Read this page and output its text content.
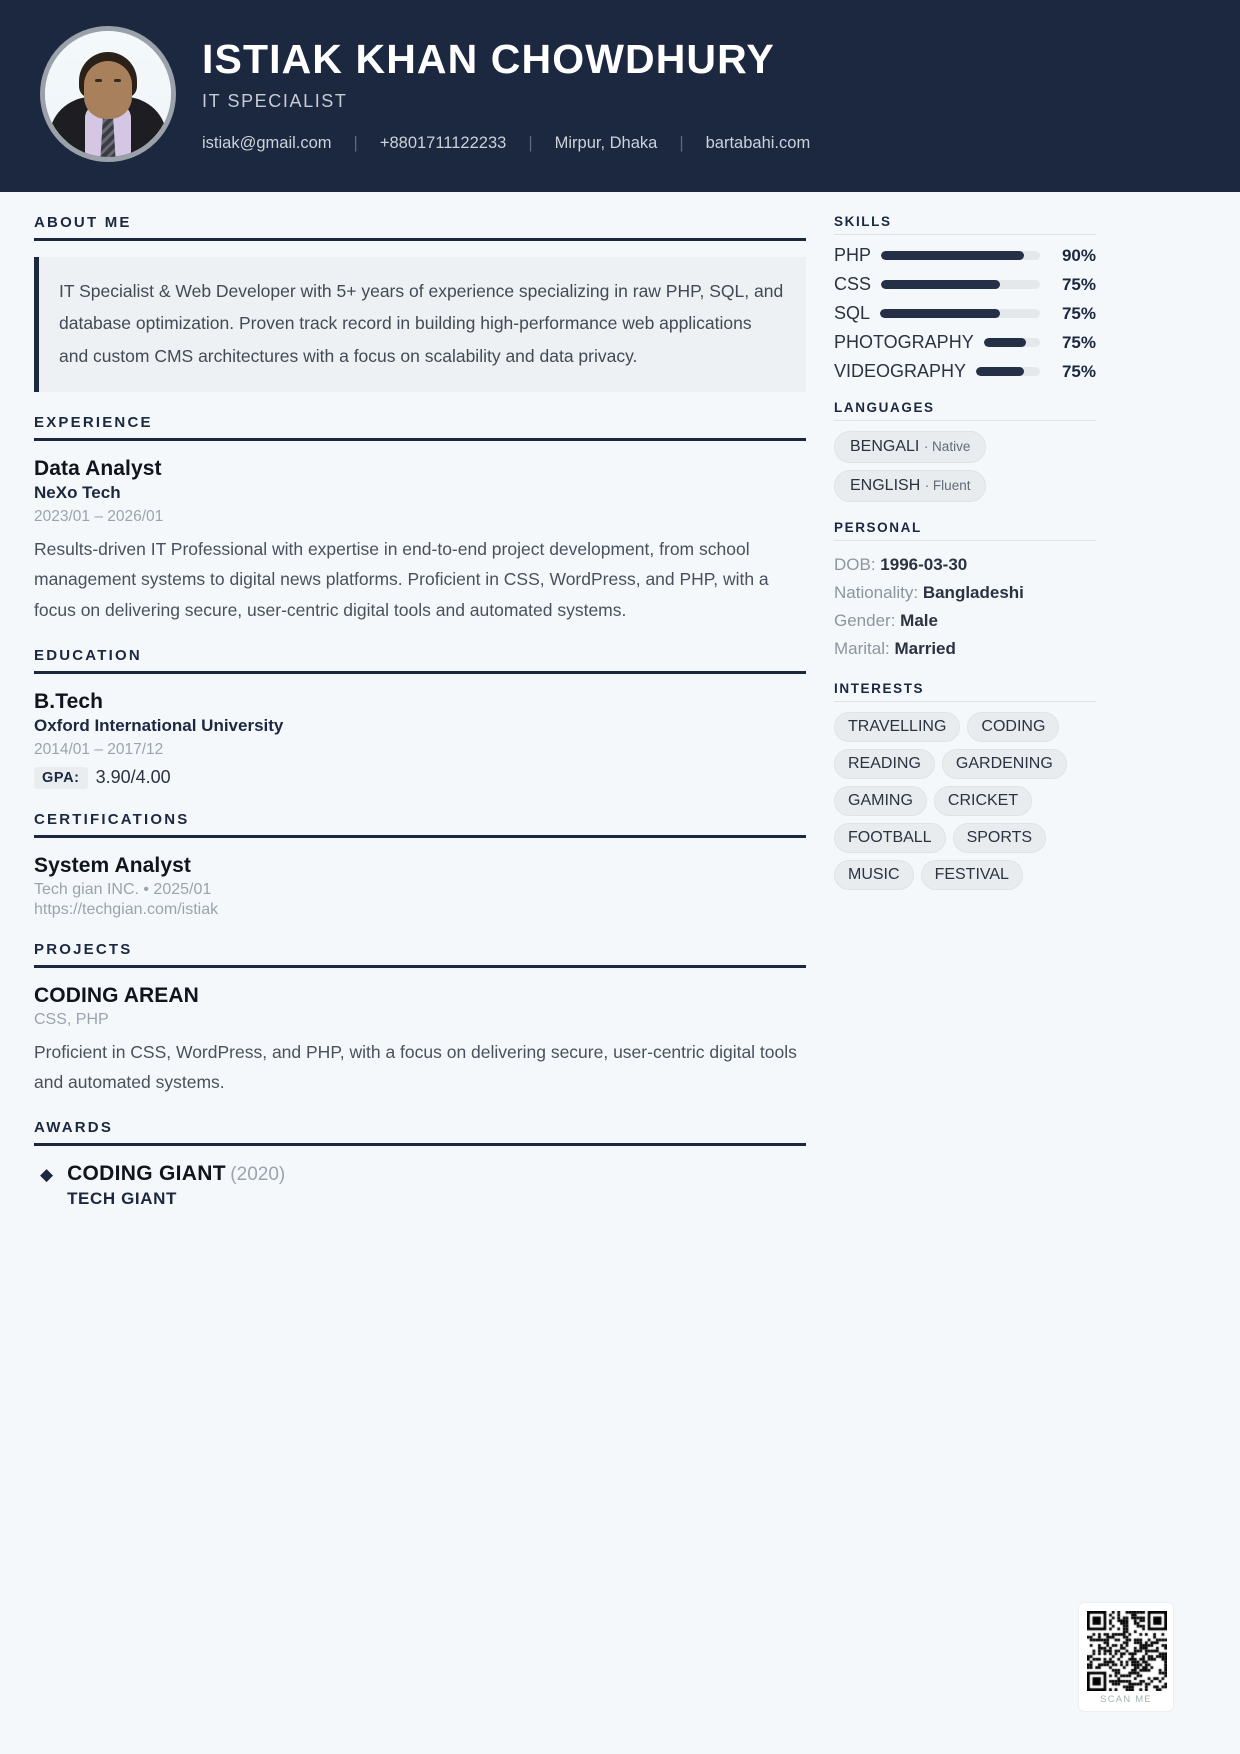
ISTIAK KHAN CHOWDHURY
IT SPECIALIST
istiak@gmail.com	|	+8801711122233	|	Mirpur, Dhaka	|	bartabahi.com
ABOUT ME
IT Specialist & Web Developer with 5+ years of experience specializing in raw PHP, SQL, and database optimization. Proven track record in building high-performance web applications and custom CMS architectures with a focus on scalability and data privacy.
EXPERIENCE
Data Analyst
NeXo Tech
2023/01 – 2026/01
Results-driven IT Professional with expertise in end-to-end project development, from school management systems to digital news platforms. Proficient in CSS, WordPress, and PHP, with a focus on delivering secure, user-centric digital tools and automated systems.
EDUCATION
B.Tech
Oxford International University
2014/01 – 2017/12
GPA: 3.90/4.00
CERTIFICATIONS
System Analyst
Tech gian INC. • 2025/01
https://techgian.com/istiak
PROJECTS
CODING AREAN
CSS, PHP
Proficient in CSS, WordPress, and PHP, with a focus on delivering secure, user-centric digital tools and automated systems.
AWARDS
◆ CODING GIANT (2020)
TECH GIANT
SKILLS
PHP	90%
CSS	75%
SQL	75%
PHOTOGRAPHY	75%
VIDEOGRAPHY	75%
LANGUAGES
BENGALI · Native
ENGLISH · Fluent
PERSONAL
DOB: 1996-03-30
Nationality: Bangladeshi
Gender: Male
Marital: Married
INTERESTS
TRAVELLING	CODING
READING	GARDENING
GAMING	CRICKET
FOOTBALL	SPORTS
MUSIC	FESTIVAL
SCAN ME
